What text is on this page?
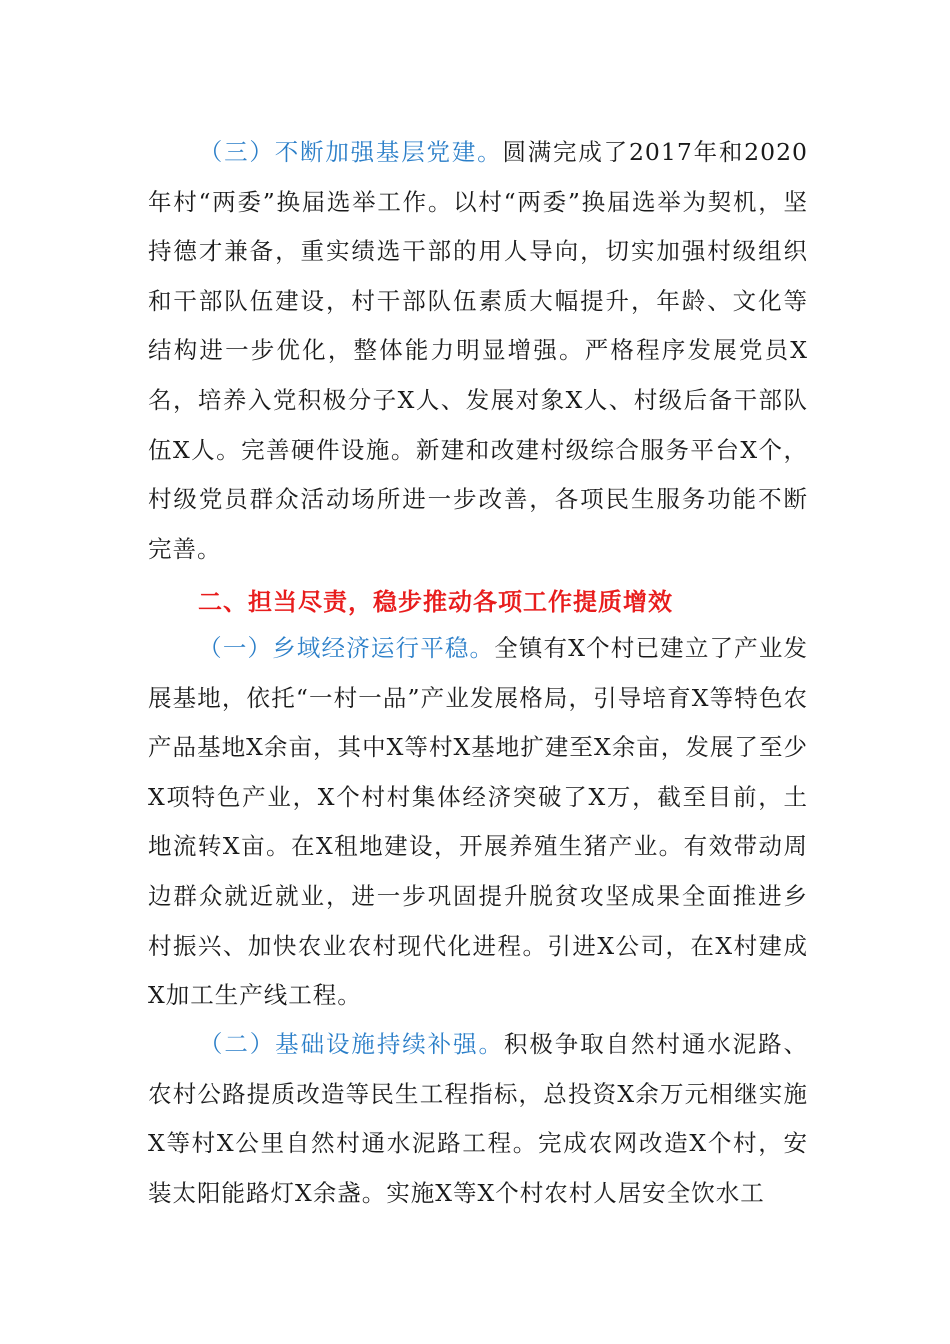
（三）不断加强基层党建。圆满完成了2017年和2020年村“两委”换届选举工作。以村“两委”换届选举为契机，坚持德才兼备，重实绩选干部的用人导向，切实加强村级组织和干部队伍建设，村干部队伍素质大幅提升，年龄、文化等结构进一步优化，整体能力明显增强。严格程序发展党员X名，培养入党积极分子X人、发展对象X人、村级后备干部队伍X人。完善硬件设施。新建和改建村级综合服务平台X个，村级党员群众活动场所进一步改善，各项民生服务功能不断完善。
二、担当尽责，稳步推动各项工作提质增效
（一）乡域经济运行平稳。全镇有X个村已建立了产业发展基地，依托“一村一品”产业发展格局，引导培育X等特色农产品基地X余亩，其中X等村X基地扩建至X余亩，发展了至少X项特色产业，X个村村集体经济突破了X万，截至目前，土地流转X亩。在X租地建设，开展养殖生猪产业。有效带动周边群众就近就业，进一步巩固提升脱贫攻坚成果全面推进乡村振兴、加快农业农村现代化进程。引进X公司，在X村建成X加工生产线工程。
（二）基础设施持续补强。积极争取自然村通水泥路、农村公路提质改造等民生工程指标，总投资X余万元相继实施X等村X公里自然村通水泥路工程。完成农网改造X个村，安装太阳能路灯X余盏。实施X等X个村农村人居安全饮水工
